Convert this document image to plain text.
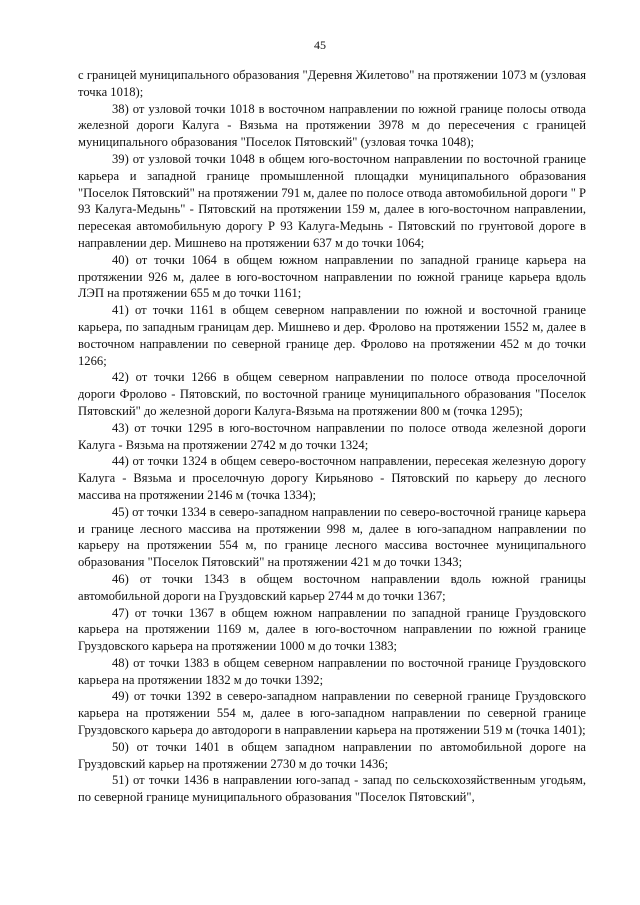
45

с границей муниципального образования "Деревня Жилетово" на протяжении 1073 м (узловая точка 1018);

38) от узловой точки 1018 в восточном направлении по южной границе полосы отвода железной дороги Калуга - Вязьма на протяжении 3978 м до пересечения с границей муниципального образования "Поселок Пятовский" (узловая точка 1048);

39) от узловой точки 1048 в общем юго-восточном направлении по восточной границе карьера и западной границе промышленной площадки муниципального образования "Поселок Пятовский" на протяжении 791 м, далее по полосе отвода автомобильной дороги " Р 93 Калуга-Медынь" - Пятовский на протяжении 159 м, далее в юго-восточном направлении, пересекая автомобильную дорогу Р 93 Калуга-Медынь - Пятовский по грунтовой дороге в направлении дер. Мишнево на протяжении 637 м до точки 1064;

40) от точки 1064 в общем южном направлении по западной границе карьера на протяжении 926 м, далее в юго-восточном направлении по южной границе карьера вдоль ЛЭП на протяжении 655 м до точки 1161;

41) от точки 1161 в общем северном направлении по южной и восточной границе карьера, по западным границам дер. Мишнево и дер. Фролово на протяжении 1552 м, далее в восточном направлении по северной границе дер. Фролово на протяжении 452 м до точки 1266;

42) от точки 1266 в общем северном направлении по полосе отвода проселочной дороги Фролово - Пятовский, по восточной границе муниципального образования "Поселок Пятовский" до железной дороги Калуга-Вязьма на протяжении 800 м (точка 1295);

43) от точки 1295 в юго-восточном направлении по полосе отвода железной дороги Калуга - Вязьма на протяжении 2742 м до точки 1324;

44) от точки 1324 в общем северо-восточном направлении, пересекая железную дорогу Калуга - Вязьма и проселочную дорогу Кирьяново - Пятовский по карьеру до лесного массива на протяжении 2146 м (точка 1334);

45) от точки 1334 в северо-западном направлении по северо-восточной границе карьера и границе лесного массива на протяжении 998 м, далее в юго-западном направлении по карьеру на протяжении 554 м, по границе лесного массива восточнее муниципального образования "Поселок Пятовский" на протяжении 421 м до точки 1343;

46) от точки 1343 в общем восточном направлении вдоль южной границы автомобильной дороги на Груздовский карьер 2744 м до точки 1367;

47) от точки 1367 в общем южном направлении по западной границе Груздовского карьера на протяжении 1169 м, далее в юго-восточном направлении по южной границе Груздовского карьера на протяжении 1000 м до точки 1383;

48) от точки 1383 в общем северном направлении по восточной границе Груздовского карьера на протяжении 1832 м до точки 1392;

49) от точки 1392 в северо-западном направлении по северной границе Груздовского карьера на протяжении 554 м, далее в юго-западном направлении по северной границе Груздовского карьера до автодороги в направлении карьера на протяжении 519 м (точка 1401);

50) от точки 1401 в общем западном направлении по автомобильной дороге на Груздовский карьер на протяжении 2730 м до точки 1436;

51) от точки 1436 в направлении юго-запад - запад по сельскохозяйственным угодьям, по северной границе муниципального образования "Поселок Пятовский",
